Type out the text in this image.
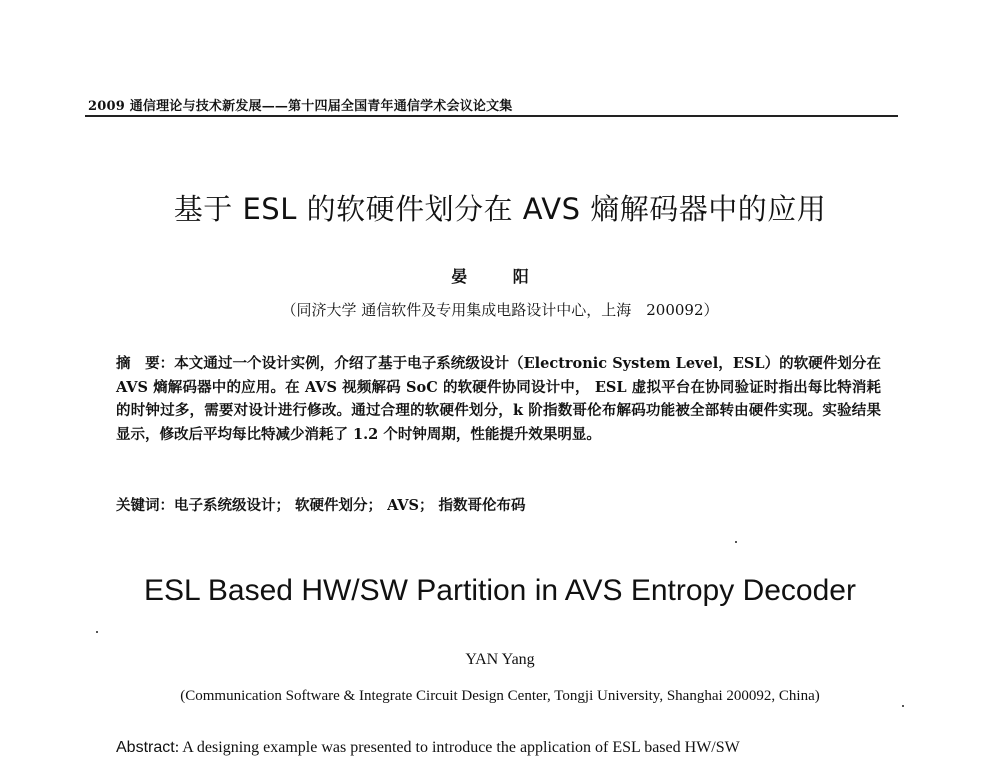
2009 通信理论与技术新发展——第十四届全国青年通信学术会议论文集
基于 ESL 的软硬件划分在 AVS 熵解码器中的应用
晏 阳
（同济大学 通信软件及专用集成电路设计中心，上海　200092）
摘　要：本文通过一个设计实例，介绍了基于电子系统级设计（Electronic System Level，ESL）的软硬件划分在 AVS 熵解码器中的应用。在 AVS 视频解码 SoC 的软硬件协同设计中， ESL 虚拟平台在协同验证时指出每比特消耗的时钟过多，需要对设计进行修改。通过合理的软硬件划分，k 阶指数哥伦布解码功能被全部转由硬件实现。实验结果显示，修改后平均每比特减少消耗了 1.2 个时钟周期，性能提升效果明显。
关键词：电子系统级设计； 软硬件划分； AVS； 指数哥伦布码
ESL Based HW/SW Partition in AVS Entropy Decoder
YAN Yang
(Communication Software & Integrate Circuit Design Center, Tongji University, Shanghai 200092, China)
Abstract: A designing example was presented to introduce the application of ESL based HW/SW
